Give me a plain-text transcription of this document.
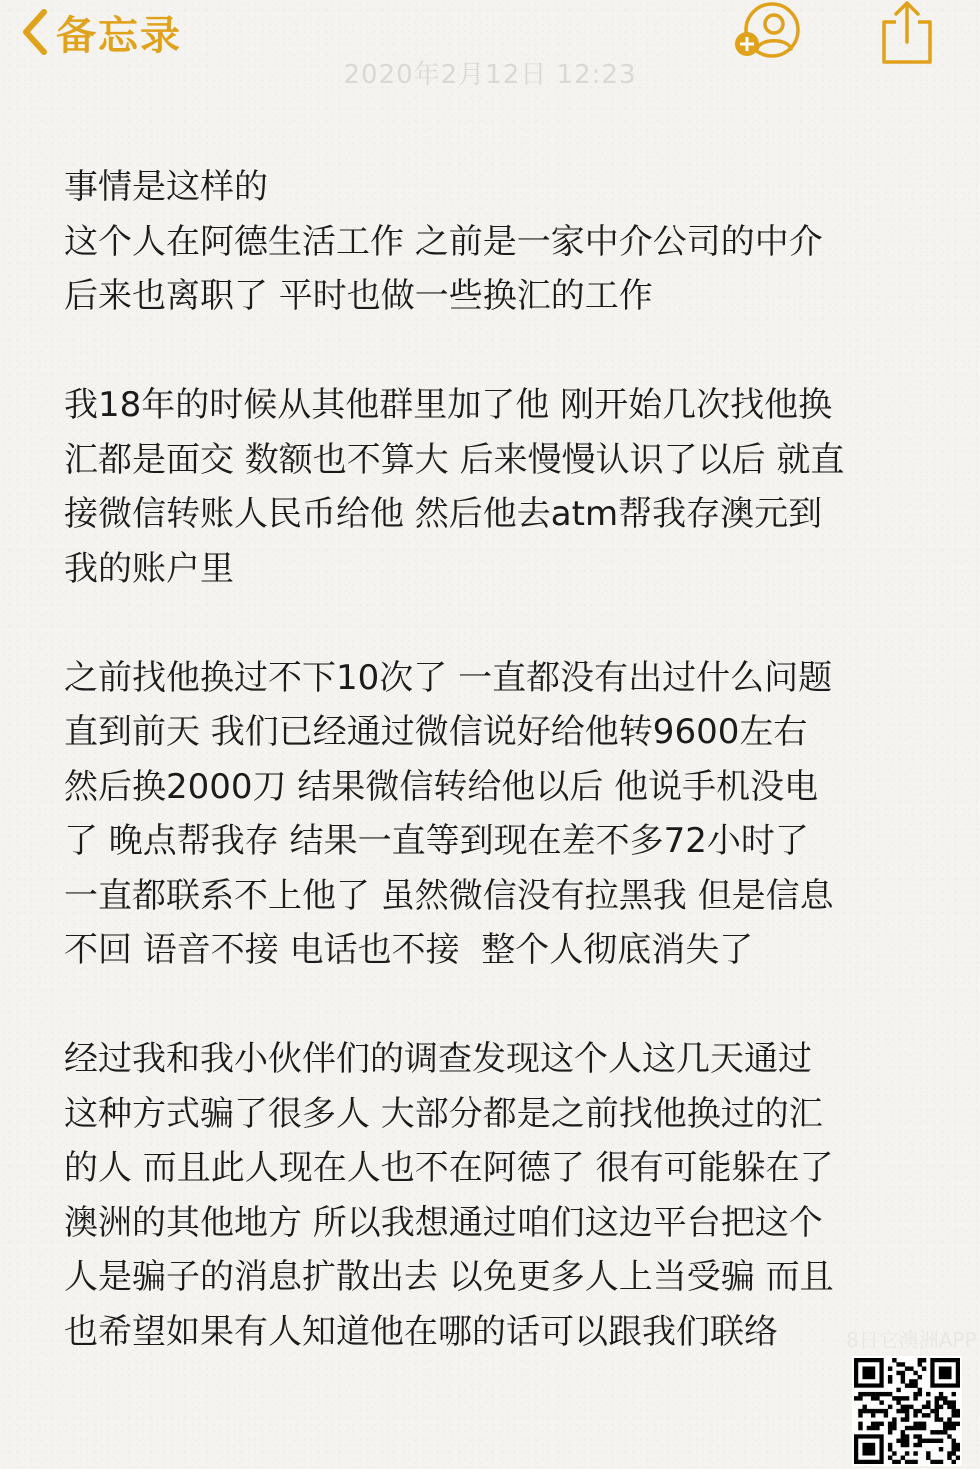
备忘录
2020年2月12日 12:23
事情是这样的
这个人在阿德生活工作 之前是一家中介公司的中介
后来也离职了 平时也做一些换汇的工作
我18年的时候从其他群里加了他 刚开始几次找他换
汇都是面交 数额也不算大 后来慢慢认识了以后 就直
接微信转账人民币给他 然后他去atm帮我存澳元到
我的账户里
之前找他换过不下10次了 一直都没有出过什么问题
直到前天 我们已经通过微信说好给他转9600左右
然后换2000刀 结果微信转给他以后 他说手机没电
了 晚点帮我存 结果一直等到现在差不多72小时了
一直都联系不上他了 虽然微信没有拉黑我 但是信息
不回 语音不接 电话也不接  整个人彻底消失了
经过我和我小伙伴们的调查发现这个人这几天通过
这种方式骗了很多人 大部分都是之前找他换过的汇
的人 而且此人现在人也不在阿德了 很有可能躲在了
澳洲的其他地方 所以我想通过咱们这边平台把这个
人是骗子的消息扩散出去 以免更多人上当受骗 而且
也希望如果有人知道他在哪的话可以跟我们联络	8日它澳洲APP
